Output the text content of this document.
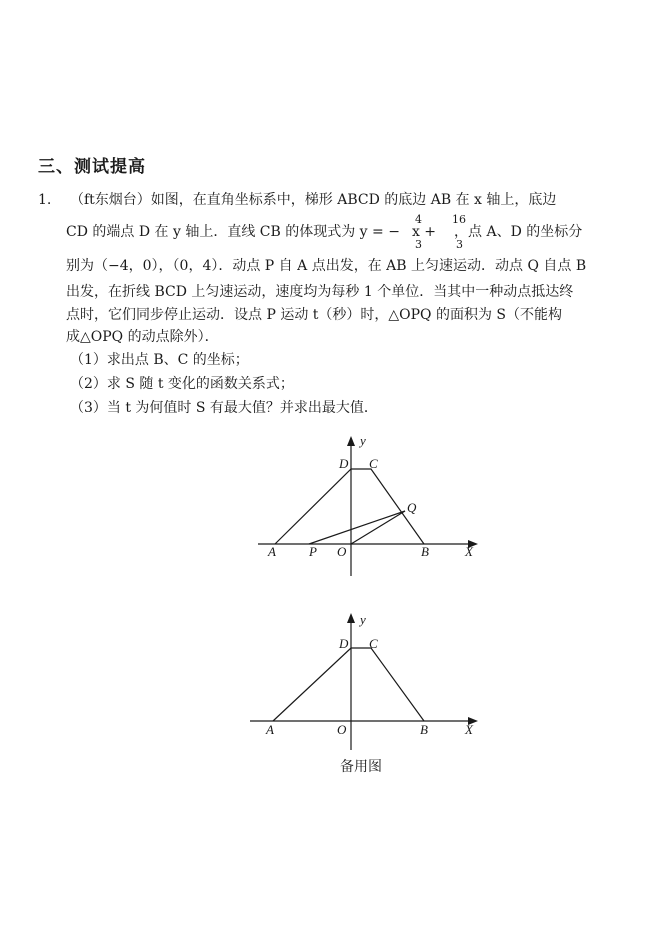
三、测试提高
1. （ft东烟台）如图，在直角坐标系中，梯形 ABCD 的底边 AB 在 x 轴上，底边
CD 的端点 D 在 y 轴上．直线 CB 的体现式为 y = − x + ，点 A、D 的坐标分
4
3
16
3
别为（−4，0），（0，4）．动点 P 自 A 点出发，在 AB 上匀速运动．动点 Q 自点 B
出发，在折线 BCD 上匀速运动，速度均为每秒 1 个单位．当其中一种动点抵达终
点时，它们同步停止运动．设点 P 运动 t（秒）时，△OPQ 的面积为 S（不能构
成△OPQ 的动点除外）．
（1）求出点 B、C 的坐标；
（2）求 S 随 t 变化的函数关系式；
（3）当 t 为何值时 S 有最大值？并求出最大值．
y
X
D C
Q
A	P O	B
y
X
D C
A	O	B
备用图
